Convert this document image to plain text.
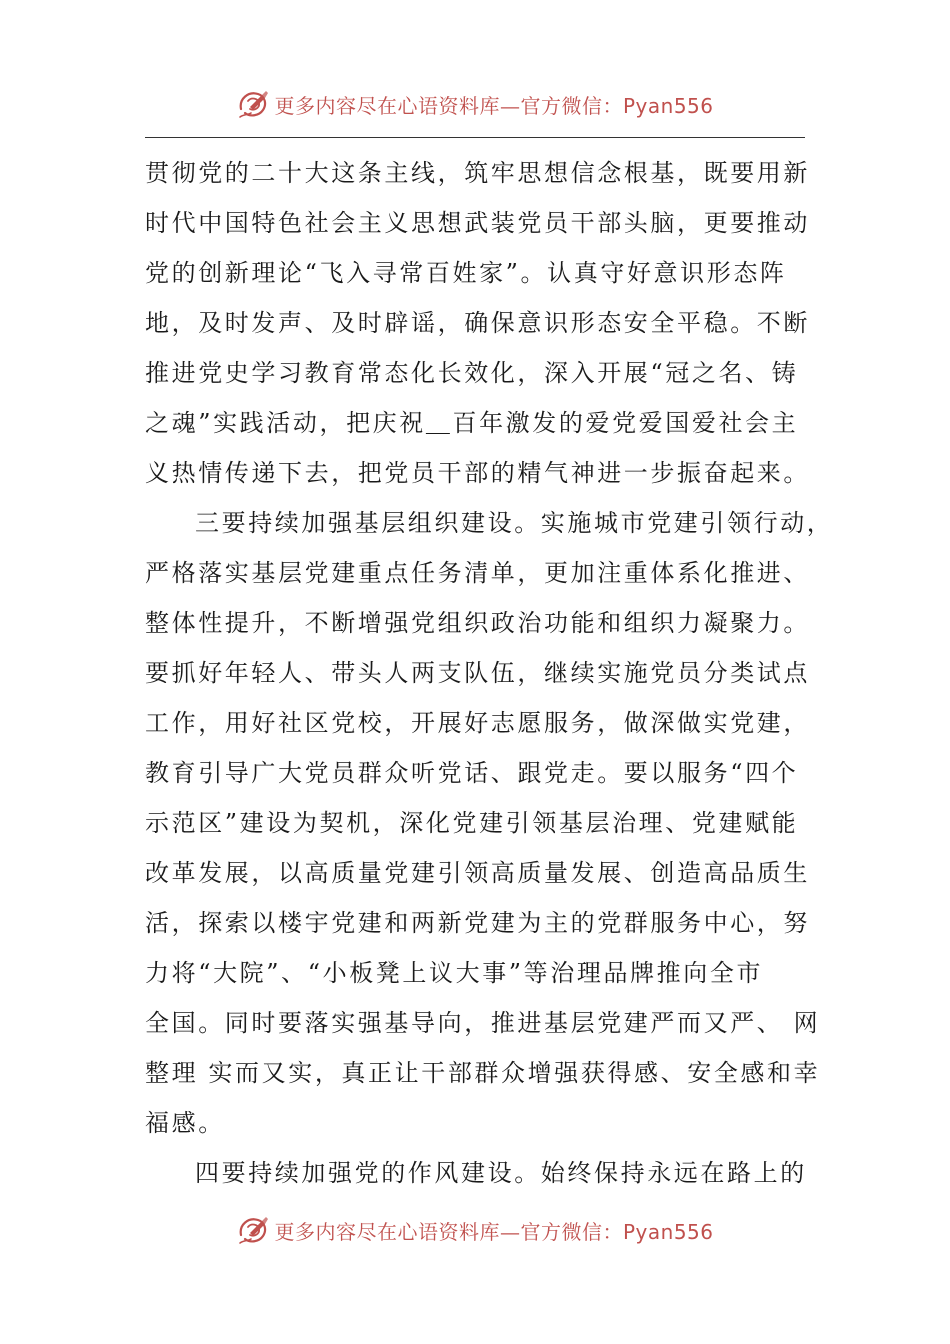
更多内容尽在心语资料库—官方微信：Pyan556
贯彻党的二十大这条主线，筑牢思想信念根基，既要用新
时代中国特色社会主义思想武装党员干部头脑，更要推动
党的创新理论“飞入寻常百姓家”。认真守好意识形态阵
地，及时发声、及时辟谣，确保意识形态安全平稳。不断
推进党史学习教育常态化长效化，深入开展“冠之名、铸
之魂”实践活动，把庆祝＿百年激发的爱党爱国爱社会主
义热情传递下去，把党员干部的精气神进一步振奋起来。
三要持续加强基层组织建设。实施城市党建引领行动，
严格落实基层党建重点任务清单，更加注重体系化推进、
整体性提升，不断增强党组织政治功能和组织力凝聚力。
要抓好年轻人、带头人两支队伍，继续实施党员分类试点
工作，用好社区党校，开展好志愿服务，做深做实党建，
教育引导广大党员群众听党话、跟党走。要以服务“四个
示范区”建设为契机，深化党建引领基层治理、党建赋能
改革发展，以高质量党建引领高质量发展、创造高品质生
活，探索以楼宇党建和两新党建为主的党群服务中心，努
力将“大院”、“小板凳上议大事”等治理品牌推向全市
全国。同时要落实强基导向，推进基层党建严而又严、 网
整理 实而又实，真正让干部群众增强获得感、安全感和幸
福感。
四要持续加强党的作风建设。始终保持永远在路上的
更多内容尽在心语资料库—官方微信：Pyan556
